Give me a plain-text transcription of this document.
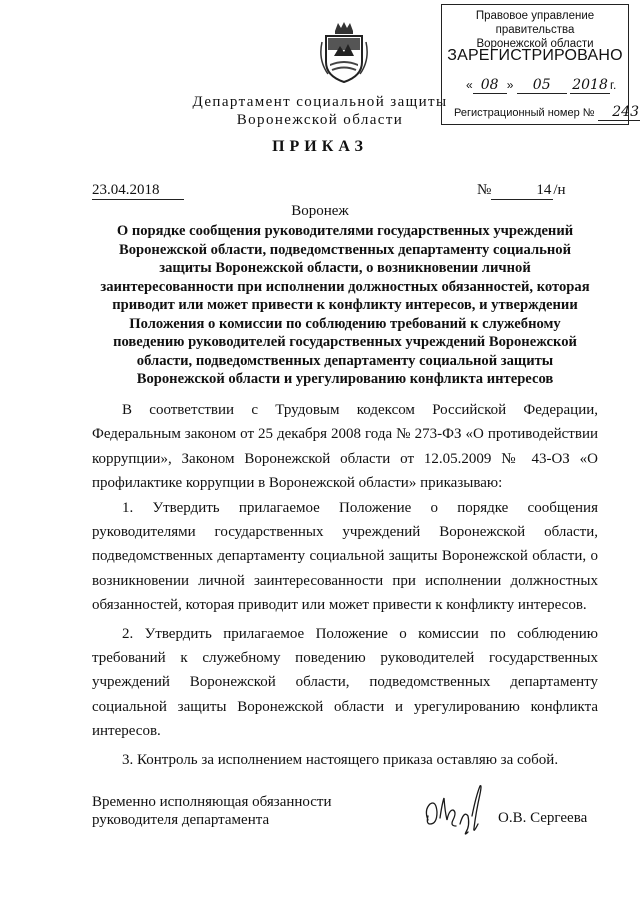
Правовое управление правительства
Воронежской области
ЗАРЕГИСТРИРОВАНО
« 08 » 05 2018 г.
Регистрационный номер № 243
Департамент социальной защиты
Воронежской области
ПРИКАЗ
23.04.2018	№	14 /н
Воронеж
О порядке сообщения руководителями государственных учреждений Воронежской области, подведомственных департаменту социальной защиты Воронежской области, о возникновении личной заинтересованности при исполнении должностных обязанностей, которая приводит или может привести к конфликту интересов, и утверждении Положения о комиссии по соблюдению требований к служебному поведению руководителей государственных учреждений Воронежской области, подведомственных департаменту социальной защиты Воронежской области и урегулированию конфликта интересов

В соответствии с Трудовым кодексом Российской Федерации, Федеральным законом от 25 декабря 2008 года № 273-ФЗ «О противодействии коррупции», Законом Воронежской области от 12.05.2009 № 43-ОЗ «О профилактике коррупции в Воронежской области» приказываю:

1. Утвердить прилагаемое Положение о порядке сообщения руководителями государственных учреждений Воронежской области, подведомственных департаменту социальной защиты Воронежской области, о возникновении личной заинтересованности при исполнении должностных обязанностей, которая приводит или может привести к конфликту интересов.

2. Утвердить прилагаемое Положение о комиссии по соблюдению требований к служебному поведению руководителей государственных учреждений Воронежской области, подведомственных департаменту социальной защиты Воронежской области и урегулированию конфликта интересов.

3. Контроль за исполнением настоящего приказа оставляю за собой.

Временно исполняющая обязанности
руководителя департамента	О.В. Сергеева
